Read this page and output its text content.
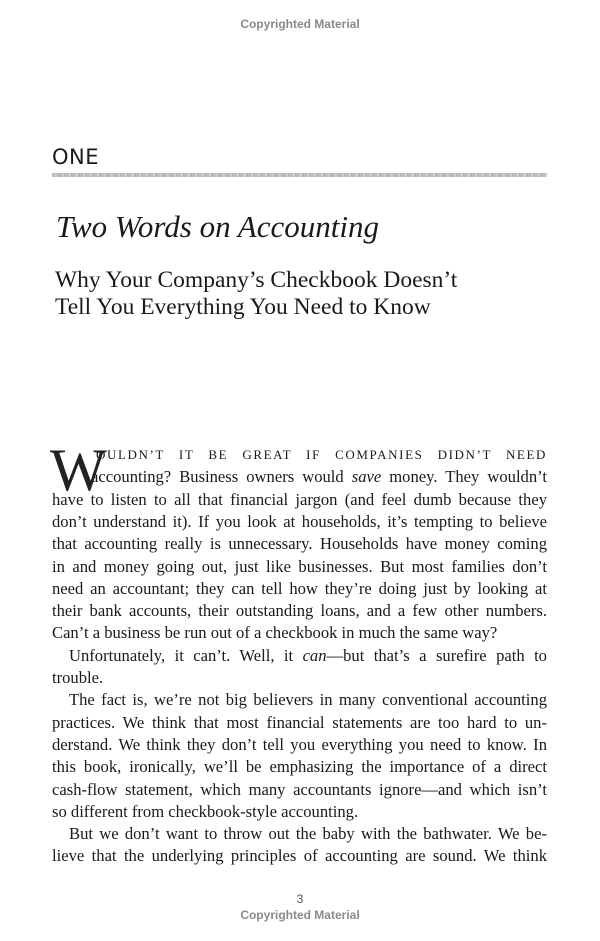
Copyrighted Material
ONE
Two Words on Accounting
Why Your Company’s Checkbook Doesn’t
Tell You Everything You Need to Know
W
OULDN’T IT BE GREAT IF COMPANIES DIDN’T NEED
accounting? Business owners would save money. They wouldn’t
have to listen to all that financial jargon (and feel dumb because they
don’t understand it). If you look at households, it’s tempting to believe
that accounting really is unnecessary. Households have money coming
in and money going out, just like businesses. But most families don’t
need an accountant; they can tell how they’re doing just by looking at
their bank accounts, their outstanding loans, and a few other numbers.
Can’t a business be run out of a checkbook in much the same way?
Unfortunately, it can’t. Well, it can—but that’s a surefire path to
trouble.
The fact is, we’re not big believers in many conventional accounting
practices. We think that most financial statements are too hard to un-
derstand. We think they don’t tell you everything you need to know. In
this book, ironically, we’ll be emphasizing the importance of a direct
cash-flow statement, which many accountants ignore—and which isn’t
so different from checkbook-style accounting.
But we don’t want to throw out the baby with the bathwater. We be-
lieve that the underlying principles of accounting are sound. We think
3
Copyrighted Material
